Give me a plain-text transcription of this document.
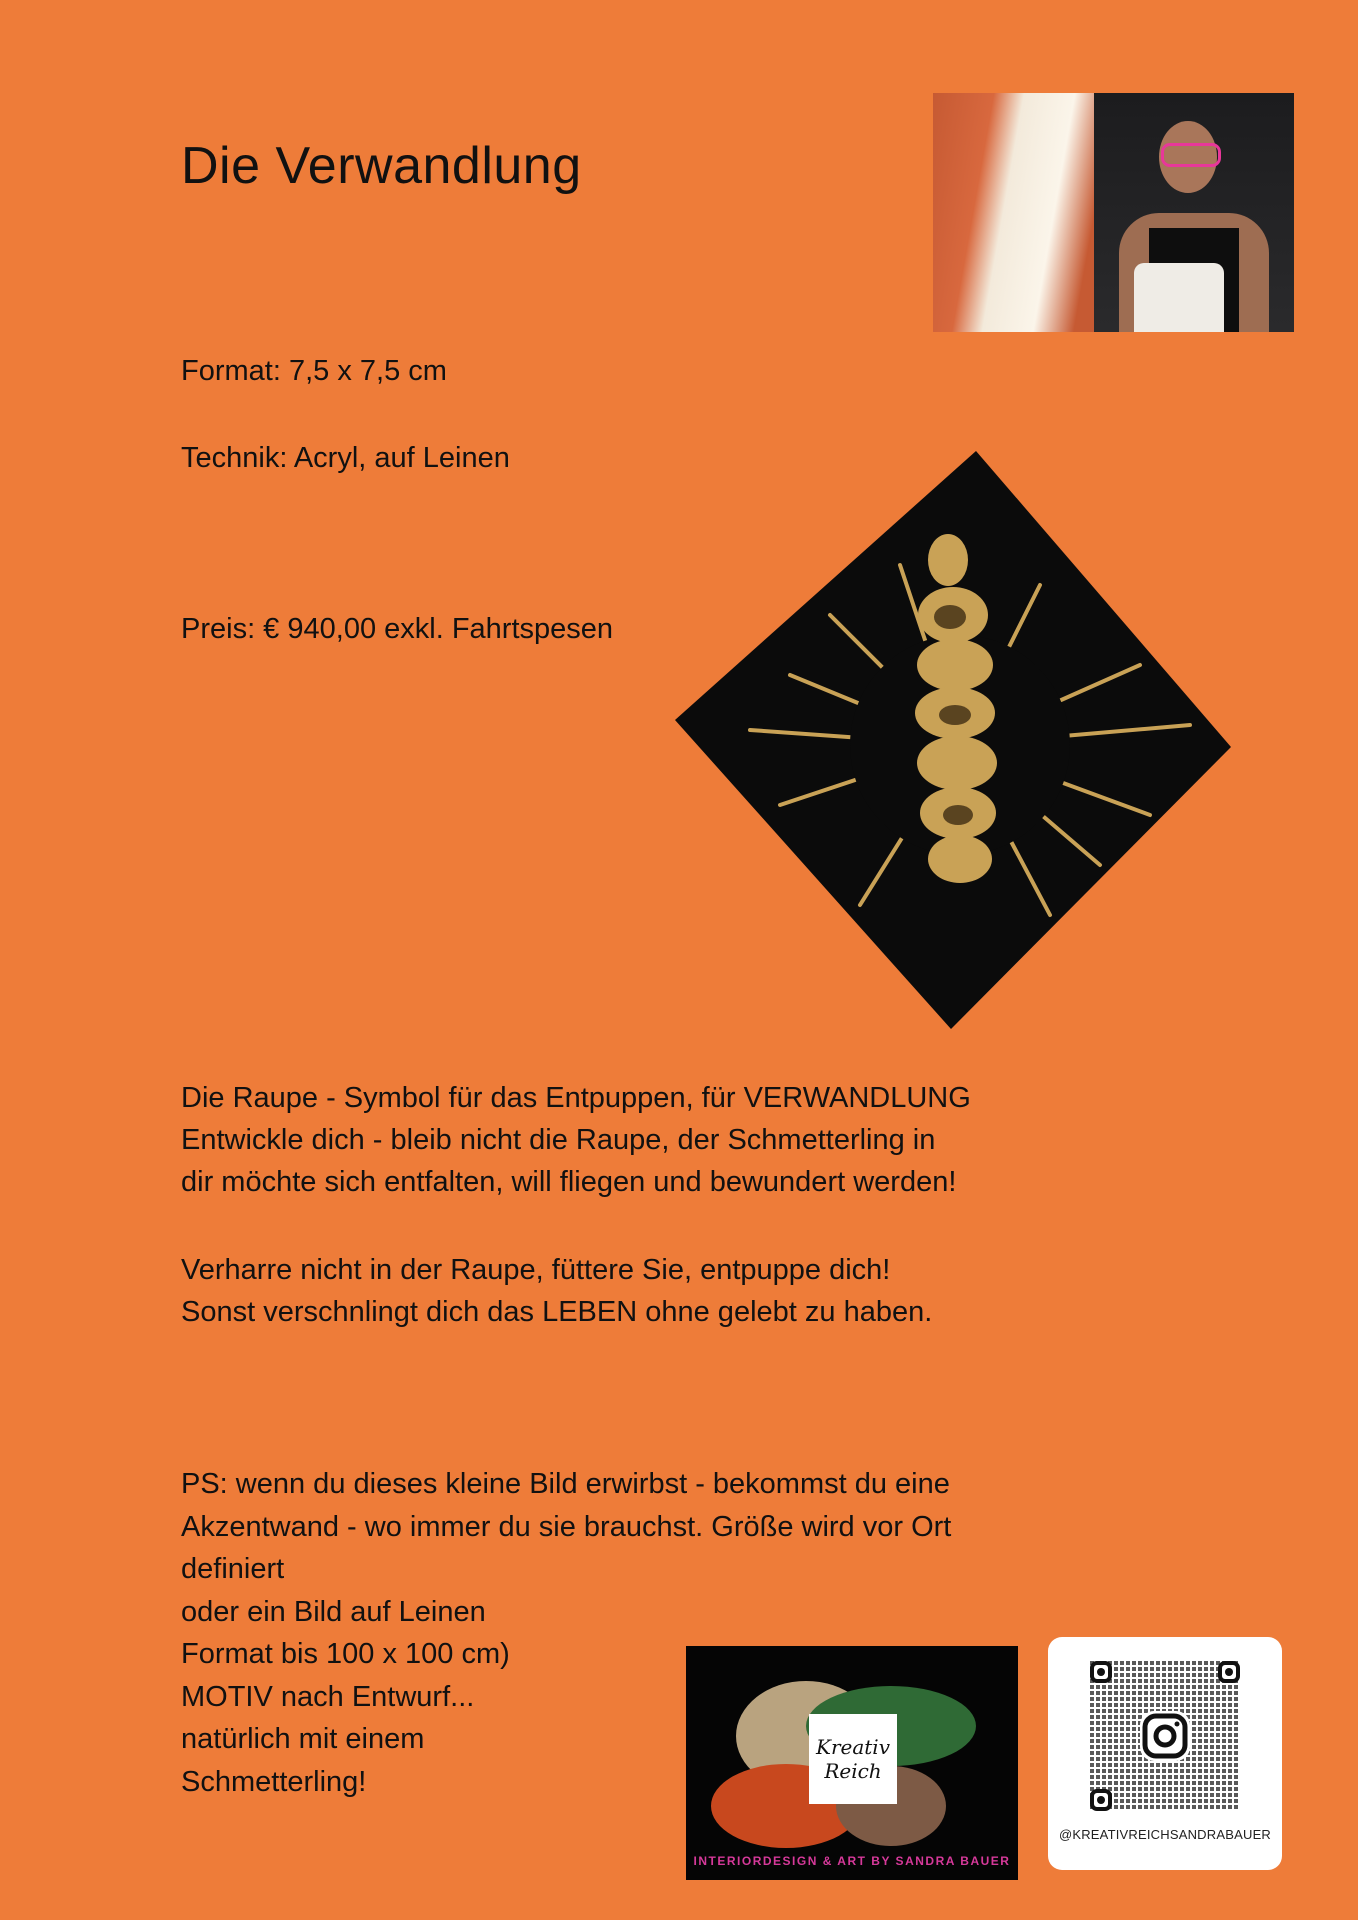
Die Verwandlung

Format: 7,5 x 7,5 cm

Technik: Acryl, auf Leinen

Preis: € 940,00 exkl. Fahrtspesen

Die Raupe - Symbol für das Entpuppen, für VERWANDLUNG
Entwickle dich - bleib nicht die Raupe, der Schmetterling in
dir möchte sich entfalten, will fliegen und bewundert werden!

Verharre nicht in der Raupe, füttere Sie, entpuppe dich!
Sonst verschnlingt dich das LEBEN ohne gelebt zu haben.

PS: wenn du dieses kleine Bild erwirbst - bekommst du eine
Akzentwand - wo immer du sie brauchst. Größe wird vor Ort
definiert
oder ein Bild auf Leinen
Format bis 100 x 100 cm)
MOTIV nach Entwurf...
natürlich mit einem
Schmetterling!

Kreativ Reich
INTERIORDESIGN & ART BY SANDRA BAUER
@KREATIVREICHSANDRABAUER
